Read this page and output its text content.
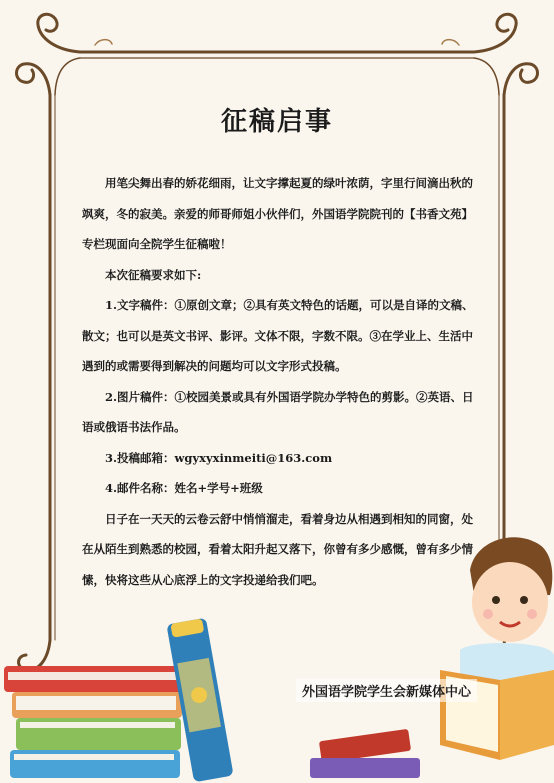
征稿启事

用笔尖舞出春的娇花细雨，让文字撑起夏的绿叶浓荫，字里行间滴出秋的飒爽，冬的寂美。亲爱的师哥师姐小伙伴们，外国语学院院刊的【书香文苑】专栏现面向全院学生征稿啦！

本次征稿要求如下:

1.文字稿件：①原创文章；②具有英文特色的话题，可以是自译的文稿、散文；也可以是英文书评、影评。文体不限，字数不限。③在学业上、生活中遇到的或需要得到解决的问题均可以文字形式投稿。

2.图片稿件：①校园美景或具有外国语学院办学特色的剪影。②英语、日语或俄语书法作品。

3.投稿邮箱：wgyxyxinmeiti@163.com

4.邮件名称：姓名+学号+班级

日子在一天天的云卷云舒中悄悄溜走，看着身边从相遇到相知的同窗，处在从陌生到熟悉的校园，看着太阳升起又落下，你曾有多少感慨，曾有多少情愫，快将这些从心底浮上的文字投递给我们吧。

外国语学院学生会新媒体中心
